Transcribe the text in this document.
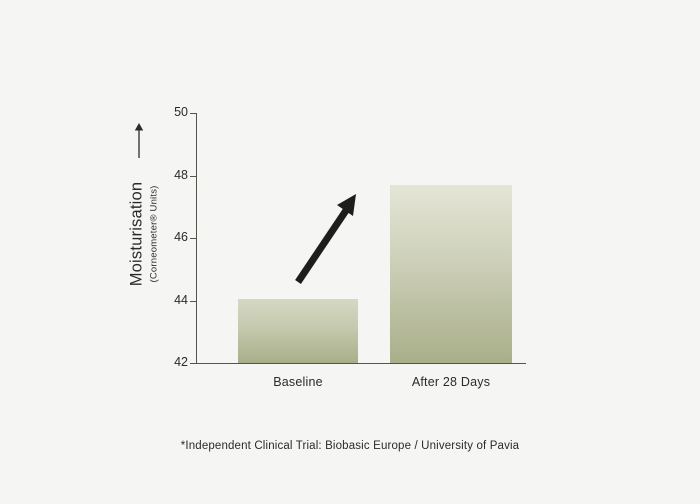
Moisturisation (Corneometer® Units)
42
44
46
48
50
Baseline	After 28 Days
*Independent Clinical Trial: Biobasic Europe / University of Pavia
